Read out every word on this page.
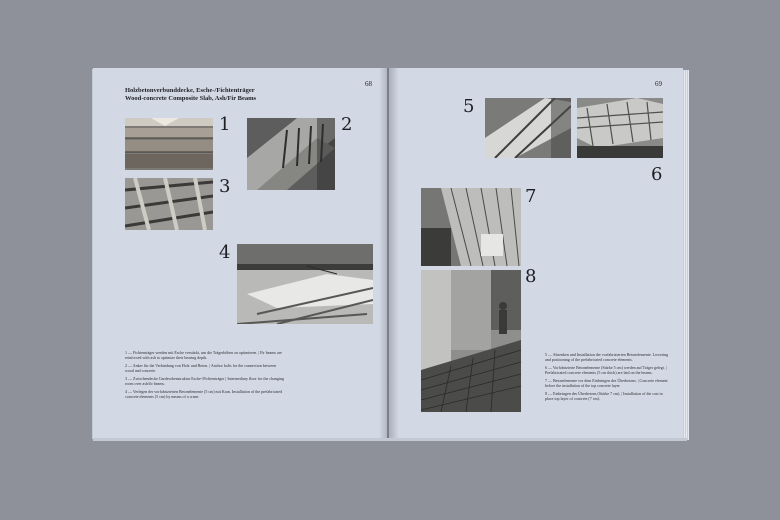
68
Holzbetonverbunddecke, Esche-/Fichtenträger
Wood-concrete Composite Slab, Ash/Fir Beams
1	2
3
4

1 — Fichtenträger werden mit Esche verstärkt, um die Trägerhöhen zu optimieren. | Fir beams are reinforced with ash to optimize their bearing depth.

2 — Anker für die Verbindung von Holz und Beton. | Anchor bolts for the connection between wood and concrete.

3 — Zwischendecke Garderobenstruktur Esche-/Fichtenträger | Intermediary floor for the changing room over ash/fir beams.

4 — Verlegen der vorfabrizierten Betonelemente (5 cm) mit Kran. Installation of the prefabricated concrete elements (5 cm) by means of a crane.

69
5
6
7
8

5 — Absenken und Installation der vorfabrizierten Betonelemente. Lowering and positioning of the prefabricated concrete elements.

6 — Vorfabrizierte Betonelemente (Stärke 5 cm) werden auf Träger gelegt. | Prefabricated concrete elements (5 cm thick) are laid on the beams.

7 — Betonelemente vor dem Einbringen des Überbetons. | Concrete element before the installation of the top concrete layer.

8 — Einbringen des Überbetons (Stärke 7 cm). | Installation of the cast in place top layer of concrete (7 cm).
